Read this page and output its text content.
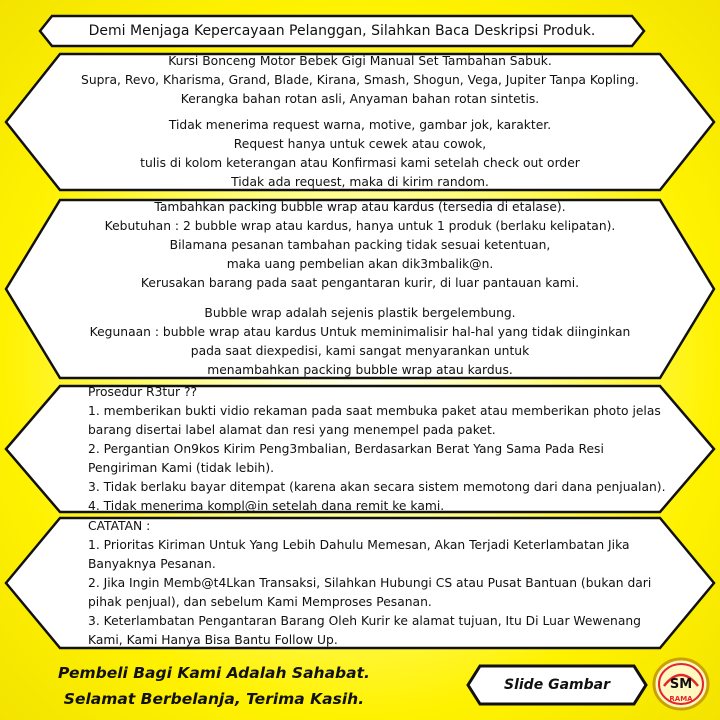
Demi Menjaga Kepercayaan Pelanggan, Silahkan Baca Deskripsi Produk.
Kursi Bonceng Motor Bebek Gigi Manual Set Tambahan Sabuk.
Supra, Revo, Kharisma, Grand, Blade, Kirana, Smash, Shogun, Vega, Jupiter Tanpa Kopling.
Kerangka bahan rotan asli, Anyaman bahan rotan sintetis.
Tidak menerima request warna, motive, gambar jok, karakter.
Request hanya untuk cewek atau cowok,
tulis di kolom keterangan atau Konfirmasi kami setelah check out order
Tidak ada request, maka di kirim random.
Tambahkan packing bubble wrap atau kardus (tersedia di etalase).
Kebutuhan : 2 bubble wrap atau kardus, hanya untuk 1 produk (berlaku kelipatan).
Bilamana pesanan tambahan packing tidak sesuai ketentuan,
maka uang pembelian akan dik3mbalik@n.
Kerusakan barang pada saat pengantaran kurir, di luar pantauan kami.
Bubble wrap adalah sejenis plastik bergelembung.
Kegunaan : bubble wrap atau kardus Untuk meminimalisir hal-hal yang tidak diinginkan
pada saat diexpedisi, kami sangat menyarankan untuk
menambahkan packing bubble wrap atau kardus.
Prosedur R3tur ??
1. memberikan bukti vidio rekaman pada saat membuka paket atau memberikan photo jelas
barang disertai label alamat dan resi yang menempel pada paket.
2. Pergantian On9kos Kirim Peng3mbalian, Berdasarkan Berat Yang Sama Pada Resi
Pengiriman Kami (tidak lebih).
3. Tidak berlaku bayar ditempat (karena akan secara sistem memotong dari dana penjualan).
4. Tidak menerima kompl@in setelah dana remit ke kami.
CATATAN :
1. Prioritas Kiriman Untuk Yang Lebih Dahulu Memesan, Akan Terjadi Keterlambatan Jika
Banyaknya Pesanan.
2. Jika Ingin Memb@t4Lkan Transaksi, Silahkan Hubungi CS atau Pusat Bantuan (bukan dari
pihak penjual), dan sebelum Kami Memproses Pesanan.
3. Keterlambatan Pengantaran Barang Oleh Kurir ke alamat tujuan, Itu Di Luar Wewenang
Kami, Kami Hanya Bisa Bantu Follow Up.
Pembeli Bagi Kami Adalah Sahabat.
Selamat Berbelanja, Terima Kasih.
Slide Gambar	SM
RAMA
